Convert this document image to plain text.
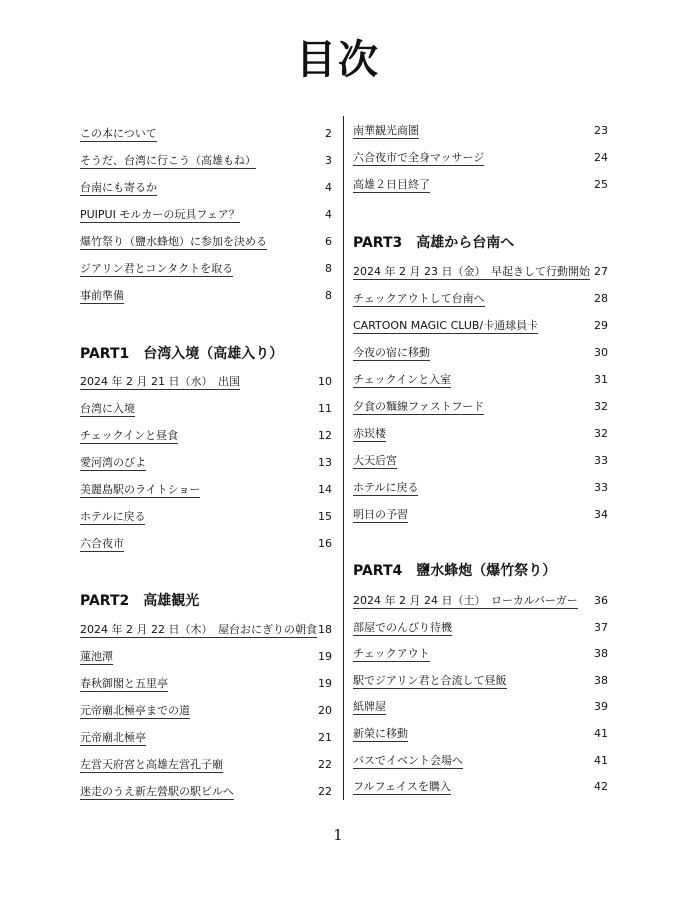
目次
この本について	2
そうだ、台湾に行こう（高雄もね）	3
台南にも寄るか	4
PUIPUI モルカーの玩具フェア？	4
爆竹祭り（鹽水蜂炮）に参加を決める	6
ジアリン君とコンタクトを取る	8
事前準備	8
PART1　台湾入境（高雄入り）
2024 年 2 月 21 日（水）　出国	10
台湾に入境	11
チェックインと昼食	12
愛河湾のびよ	13
美麗島駅のライトショー	14
ホテルに戻る	15
六合夜市	16
PART2　高雄観光
2024 年 2 月 22 日（木）　屋台おにぎりの朝食 18
蓮池潭	19
春秋御閣と五里亭	19
元帝廟北極亭までの道	20
元帝廟北極亭	21
左営天府宮と高雄左営孔子廟	22
迷走のうえ新左營駅の駅ビルへ	22
南華観光商圏	23
六合夜市で全身マッサージ	24
高雄２日目終了	25
PART3　高雄から台南へ
2024 年 2 月 23 日（金）　早起きして行動開始 27
チェックアウトして台南へ	28
CARTOON MAGIC CLUB/卡通球員卡	29
今夜の宿に移動	30
チェックインと入室	31
夕食の麵線ファストフード	32
赤崁楼	32
大天后宮	33
ホテルに戻る	33
明日の予習	34
PART4　鹽水蜂炮（爆竹祭り）
2024 年 2 月 24 日（土）　ローカルバーガー 36
部屋でのんびり待機	37
チェックアウト	38
駅でジアリン君と合流して昼飯	38
紙牌屋	39
新榮に移動	41
バスでイベント会場へ	41
フルフェイスを購入	42
1
